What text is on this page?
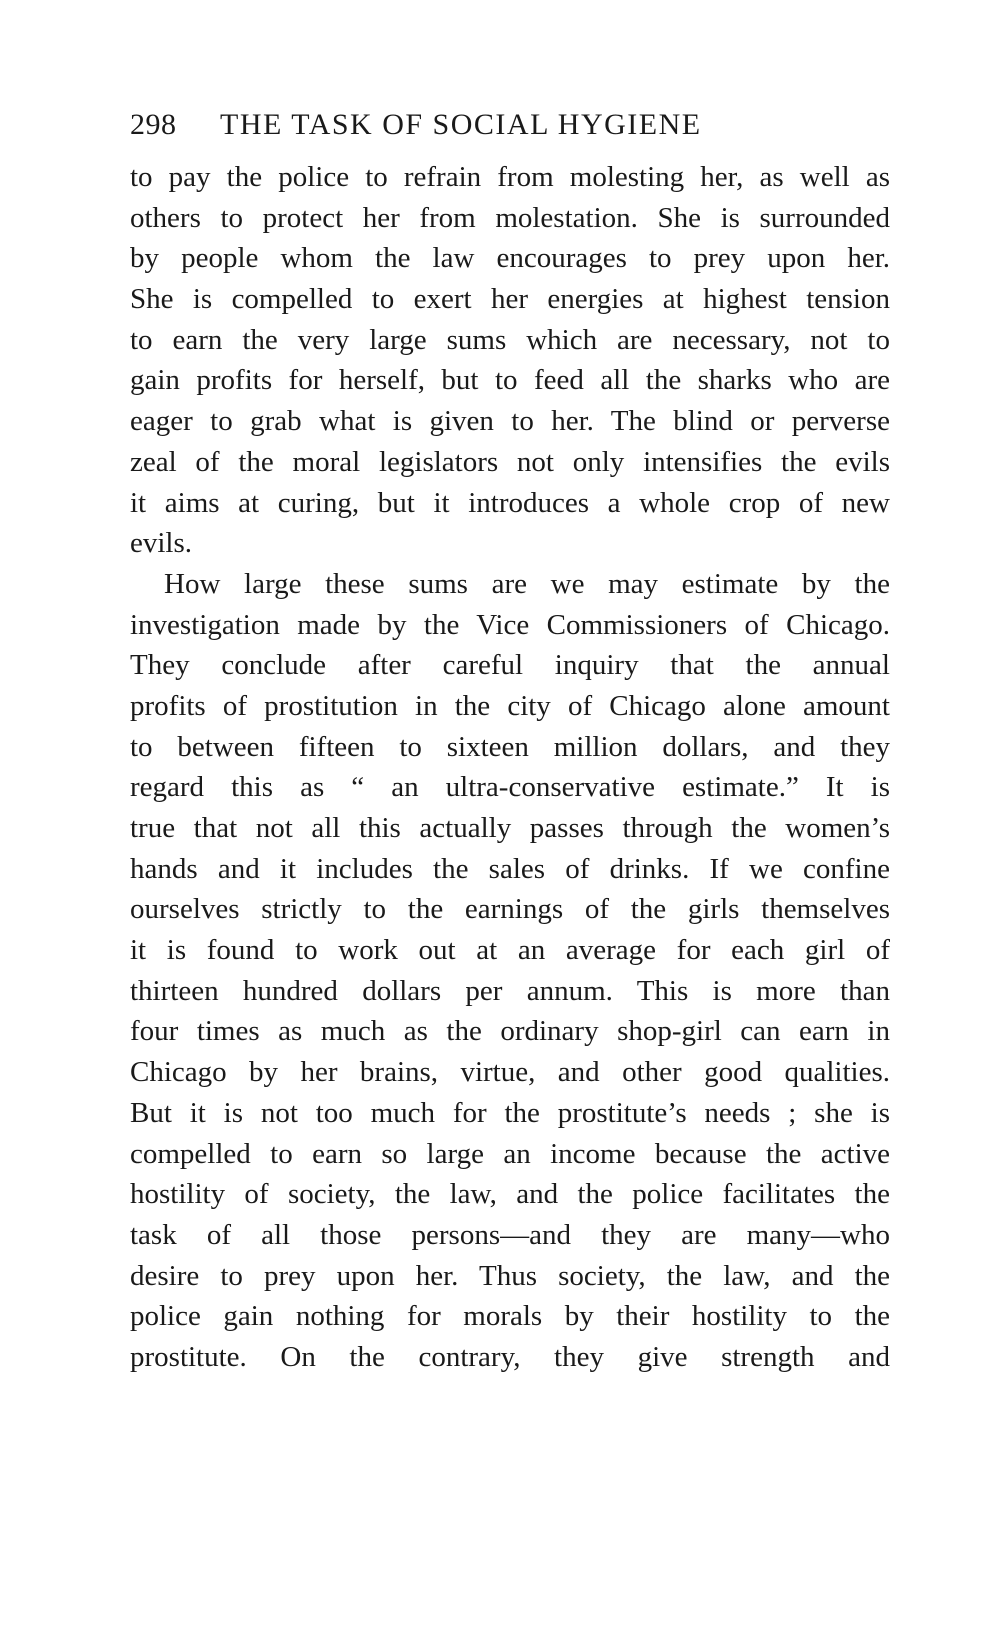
298 THE TASK OF SOCIAL HYGIENE
to pay the police to refrain from molesting her, as well as
others to protect her from molestation. She is surrounded
by people whom the law encourages to prey upon her.
She is compelled to exert her energies at highest tension
to earn the very large sums which are necessary, not to
gain profits for herself, but to feed all the sharks who are
eager to grab what is given to her. The blind or perverse
zeal of the moral legislators not only intensifies the evils
it aims at curing, but it introduces a whole crop of new
evils.
How large these sums are we may estimate by the
investigation made by the Vice Commissioners of Chicago.
They conclude after careful inquiry that the annual
profits of prostitution in the city of Chicago alone amount
to between fifteen to sixteen million dollars, and they
regard this as “ an ultra-conservative estimate.” It is
true that not all this actually passes through the women’s
hands and it includes the sales of drinks. If we confine
ourselves strictly to the earnings of the girls themselves
it is found to work out at an average for each girl of
thirteen hundred dollars per annum. This is more than
four times as much as the ordinary shop-girl can earn in
Chicago by her brains, virtue, and other good qualities.
But it is not too much for the prostitute’s needs ; she is
compelled to earn so large an income because the active
hostility of society, the law, and the police facilitates the
task of all those persons—and they are many—who
desire to prey upon her. Thus society, the law, and the
police gain nothing for morals by their hostility to the
prostitute. On the contrary, they give strength and
